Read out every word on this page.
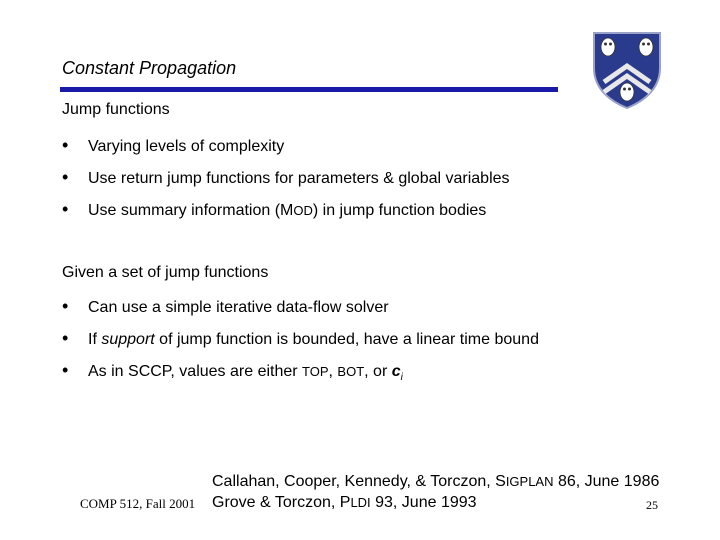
Constant Propagation
Jump functions
• Varying levels of complexity
• Use return jump functions for parameters & global variables
• Use summary information (MOD) in jump function bodies
Given a set of jump functions
• Can use a simple iterative data-flow solver
• If support of jump function is bounded, have a linear time bound
• As in SCCP, values are either TOP, BOT, or $c_i$
Callahan, Cooper, Kennedy, & Torczon, SIGPLAN 86, June 1986
Grove & Torczon, PLDI 93, June 1993
COMP 512, Fall 2001	25
